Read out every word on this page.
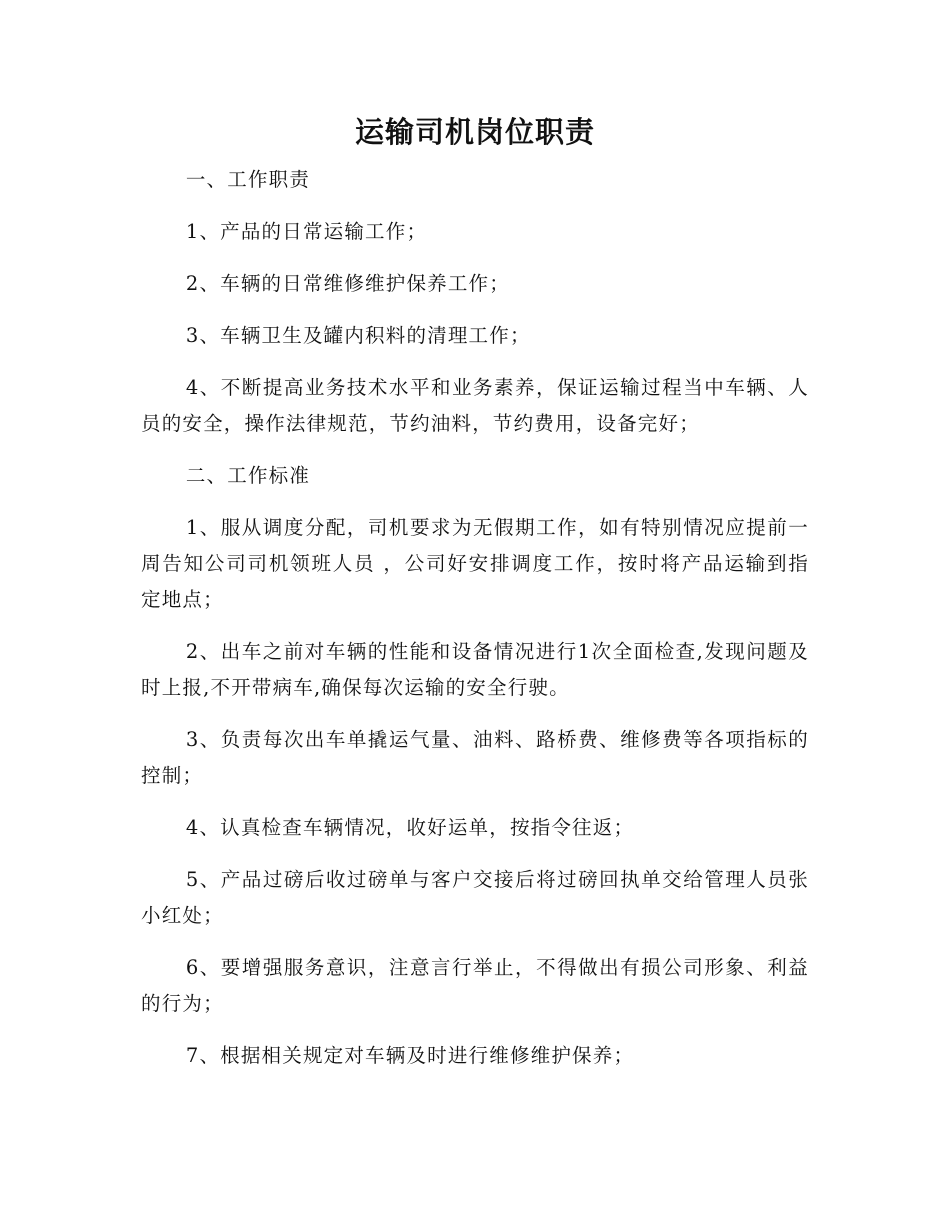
运输司机岗位职责

一、工作职责

1、产品的日常运输工作；

2、车辆的日常维修维护保养工作；

3、车辆卫生及罐内积料的清理工作；

4、不断提高业务技术水平和业务素养，保证运输过程当中车辆、人员的安全，操作法律规范，节约油料，节约费用，设备完好；

二、工作标准

1、服从调度分配，司机要求为无假期工作，如有特别情况应提前一周告知公司司机领班人员 ，公司好安排调度工作，按时将产品运输到指定地点；

2、出车之前对车辆的性能和设备情况进行1次全面检查,发现问题及时上报,不开带病车,确保每次运输的安全行驶。

3、负责每次出车单撬运气量、油料、路桥费、维修费等各项指标的控制；

4、认真检查车辆情况，收好运单，按指令往返；

5、产品过磅后收过磅单与客户交接后将过磅回执单交给管理人员张小红处；

6、要增强服务意识，注意言行举止，不得做出有损公司形象、利益的行为；

7、根据相关规定对车辆及时进行维修维护保养；
